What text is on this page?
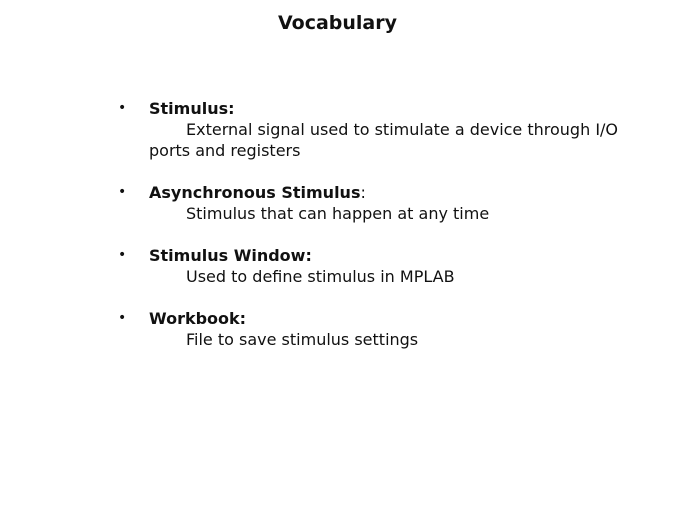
Vocabulary
• Stimulus:
External signal used to stimulate a device through I/O ports and registers
• Asynchronous Stimulus:
Stimulus that can happen at any time
• Stimulus Window:
Used to define stimulus in MPLAB
• Workbook:
File to save stimulus settings
